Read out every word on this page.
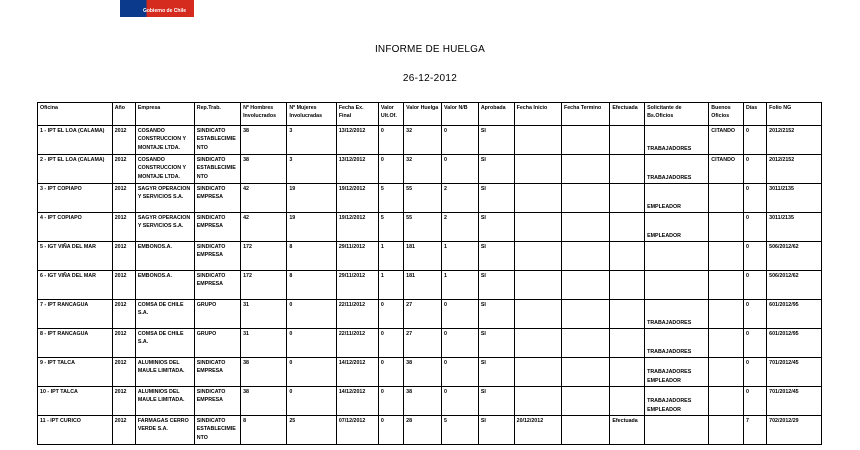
Gobierno de Chile
INFORME DE HUELGA
26-12-2012
Oficina	Año	Empresa	Rep.Trab.	Nº Hombres Involucrados	Nº Mujeres Involucradas	Fecha Ex. Final	Valor Ult.Of.	Valor Huelga	Valor N/B	Aprobada	Fecha Inicio	Fecha Termino	Efectuada	Solicitante de Bs.Oficios	Buenos Oficios	Días	Folio NG
1 - IPT EL LOA (CALAMA)	2012	COSANDO CONSTRUCCION Y MONTAJE LTDA.	SINDICATO ESTABLECIMIENTO	38	3	13/12/2012	0	32	0	SI				TRABAJADORES	CITANDO	0	2012/2152
2 - IPT EL LOA (CALAMA)	2012	COSANDO CONSTRUCCION Y MONTAJE LTDA.	SINDICATO ESTABLECIMIENTO	38	3	13/12/2012	0	32	0	SI				TRABAJADORES	CITANDO	0	2012/2152
3 - IPT COPIAPO	2012	SAGYR OPERACION Y SERVICIOS S.A.	SINDICATO EMPRESA	42	19	19/12/2012	5	55	2	SI				EMPLEADOR		0	3011/2135
4 - IPT COPIAPO	2012	SAGYR OPERACION Y SERVICIOS S.A.	SINDICATO EMPRESA	42	19	19/12/2012	5	55	2	SI				EMPLEADOR		0	3011/2135
5 - IGT VIÑA DEL MAR	2012	EMBONOS.A.	SINDICATO EMPRESA	172	8	29/11/2012	1	181	1	SI						0	506/2012/62
6 - IGT VIÑA DEL MAR	2012	EMBONOS.A.	SINDICATO EMPRESA	172	8	29/11/2012	1	181	1	SI						0	506/2012/62
7 - IPT RANCAGUA	2012	COMSA DE CHILE S.A.	GRUPO	31	0	22/11/2012	0	27	0	SI				TRABAJADORES		0	601/2012/95
8 - IPT RANCAGUA	2012	COMSA DE CHILE S.A.	GRUPO	31	0	22/11/2012	0	27	0	SI				TRABAJADORES		0	601/2012/95
9 - IPT TALCA	2012	ALUMINIOS DEL MAULE LIMITADA.	SINDICATO EMPRESA	38	0	14/12/2012	0	38	0	SI				TRABAJADORES EMPLEADOR		0	701/2012/45
10 - IPT TALCA	2012	ALUMINIOS DEL MAULE LIMITADA.	SINDICATO EMPRESA	38	0	14/12/2012	0	38	0	SI				TRABAJADORES EMPLEADOR		0	701/2012/45
11 - IPT CURICO	2012	FARMAGAS CERRO VERDE S.A.	SINDICATO ESTABLECIMIENTO	8	25	07/12/2012	0	28	5	SI	20/12/2012		Efectuada			7	702/2012/29
